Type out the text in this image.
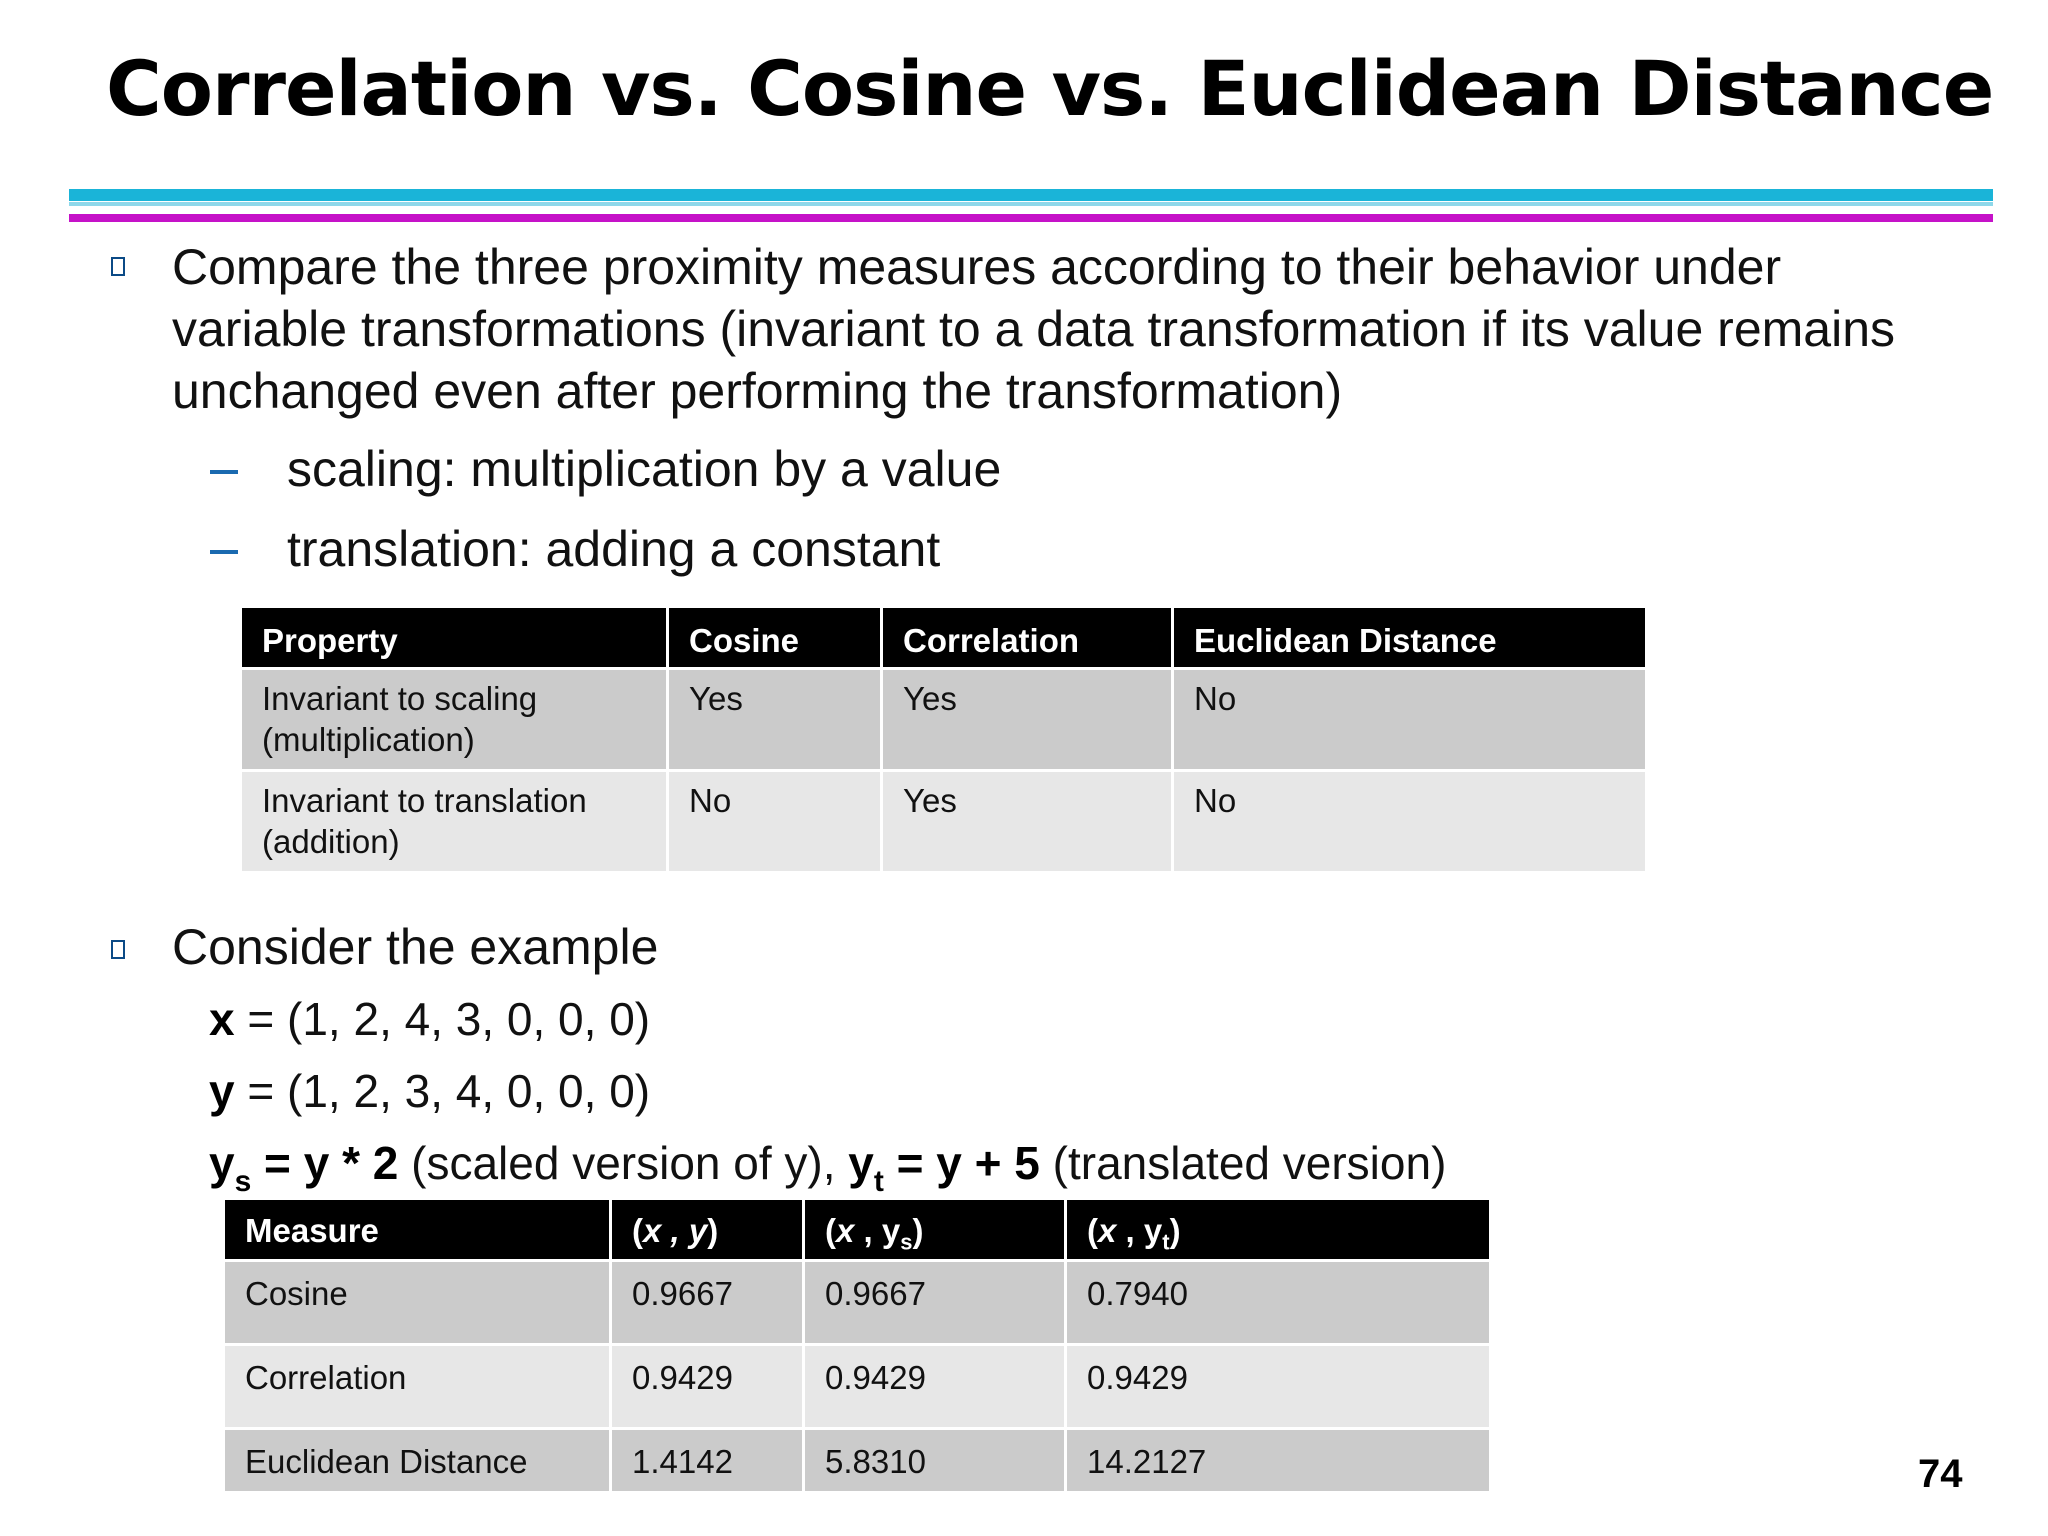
Correlation vs. Cosine vs. Euclidean Distance
Compare the three proximity measures according to their behavior under variable transformations (invariant to a data transformation if its value remains unchanged even after performing the transformation)
scaling: multiplication by a value
translation: adding a constant
Property	Cosine	Correlation	Euclidean Distance
Invariant to scaling (multiplication)	Yes	Yes	No
Invariant to translation (addition)	No	Yes	No
Consider the example
x = (1, 2, 4, 3, 0, 0, 0)
y = (1, 2, 3, 4, 0, 0, 0)
$y_s = y * 2$ (scaled version of y), $y_t = y + 5$ (translated version)
Measure	(x , y)	(x , $y_s$)	(x , $y_t$)
Cosine	0.9667	0.9667	0.7940
Correlation	0.9429	0.9429	0.9429
Euclidean Distance	1.4142	5.8310	14.2127	74
